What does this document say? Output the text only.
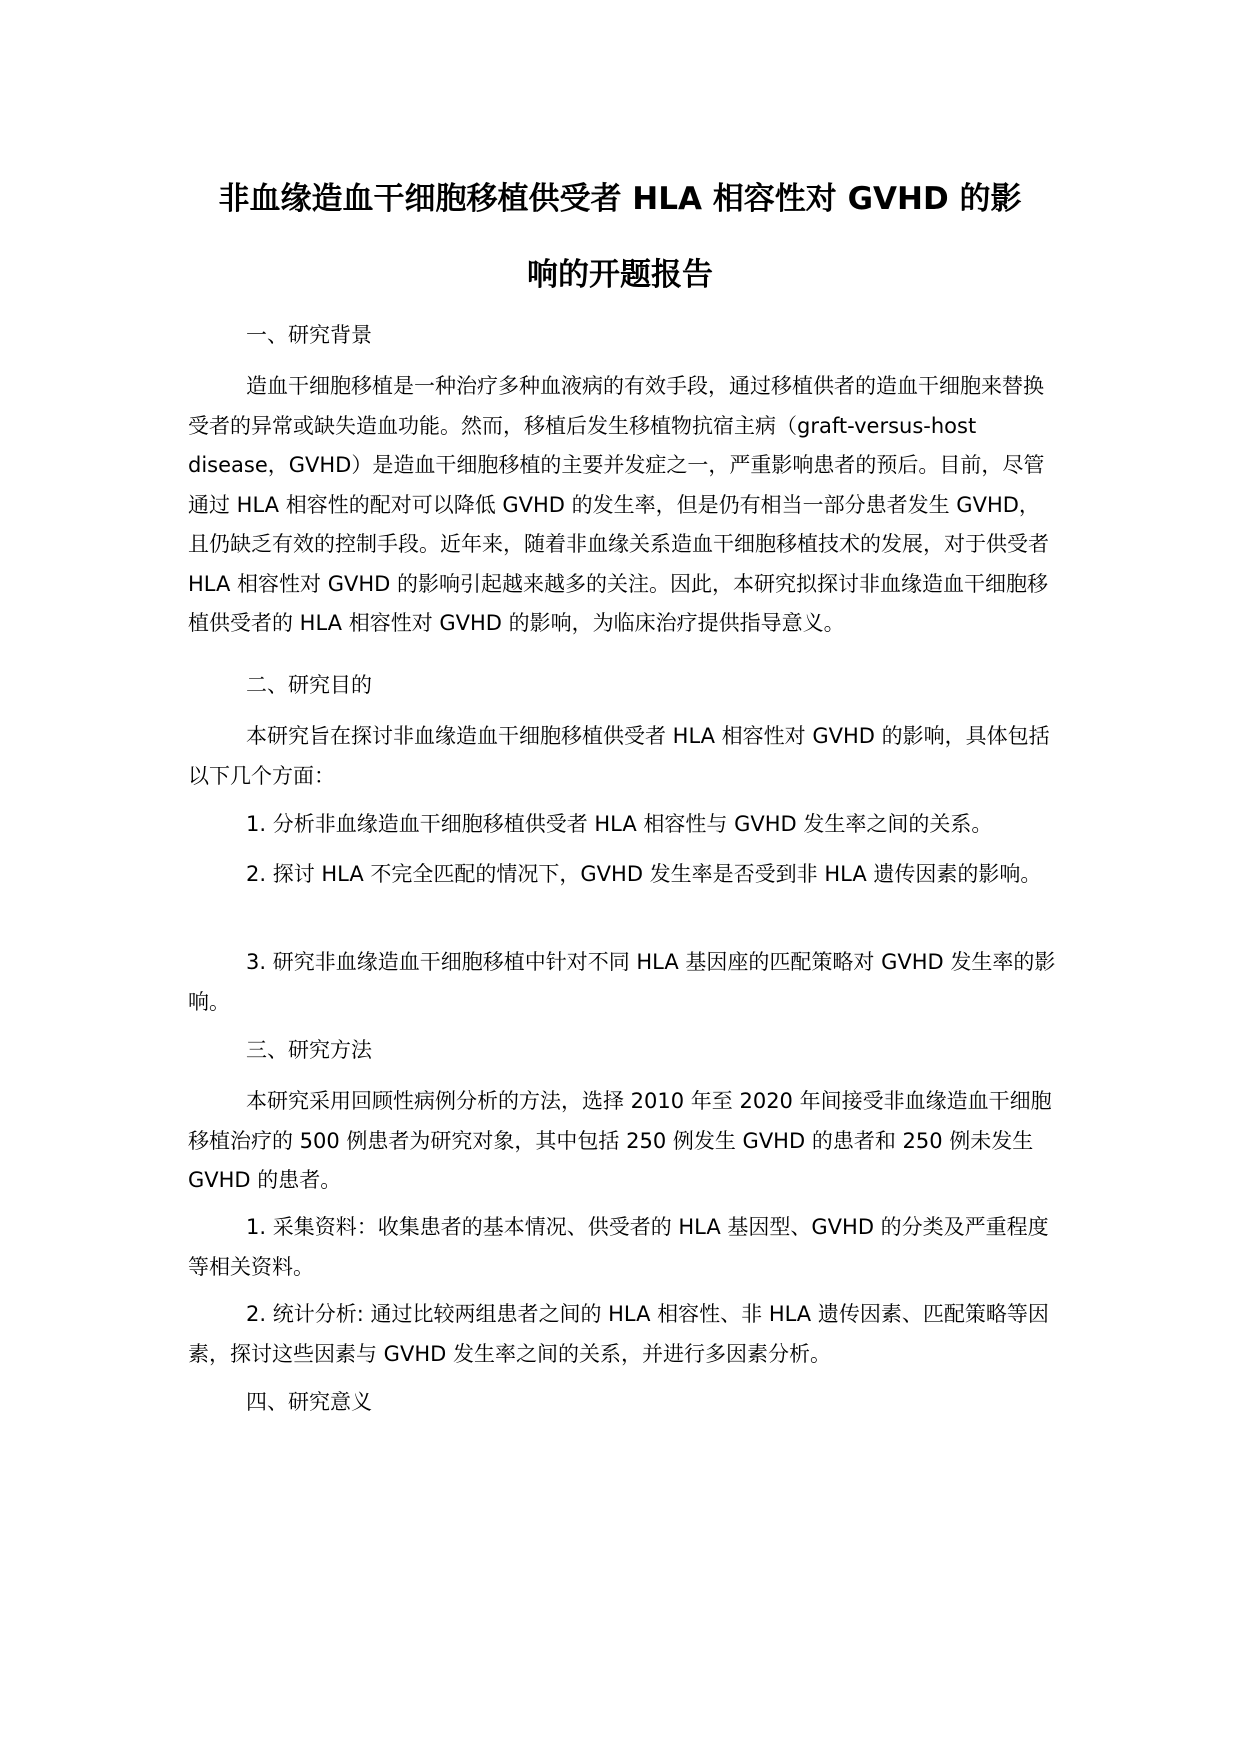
非血缘造血干细胞移植供受者 HLA 相容性对 GVHD 的影
响的开题报告

一、研究背景

造血干细胞移植是一种治疗多种血液病的有效手段，通过移植供者的造血干细胞来替换受者的异常或缺失造血功能。然而，移植后发生移植物抗宿主病（graft-versus-host disease，GVHD）是造血干细胞移植的主要并发症之一，严重影响患者的预后。目前，尽管通过 HLA 相容性的配对可以降低 GVHD 的发生率，但是仍有相当一部分患者发生 GVHD，且仍缺乏有效的控制手段。近年来，随着非血缘关系造血干细胞移植技术的发展，对于供受者 HLA 相容性对 GVHD 的影响引起越来越多的关注。因此，本研究拟探讨非血缘造血干细胞移植供受者的 HLA 相容性对 GVHD 的影响，为临床治疗提供指导意义。

二、研究目的

本研究旨在探讨非血缘造血干细胞移植供受者 HLA 相容性对 GVHD 的影响，具体包括以下几个方面：

1. 分析非血缘造血干细胞移植供受者 HLA 相容性与 GVHD 发生率之间的关系。

2. 探讨 HLA 不完全匹配的情况下，GVHD 发生率是否受到非 HLA 遗传因素的影响。

3. 研究非血缘造血干细胞移植中针对不同 HLA 基因座的匹配策略对 GVHD 发生率的影响。

三、研究方法

本研究采用回顾性病例分析的方法，选择 2010 年至 2020 年间接受非血缘造血干细胞移植治疗的 500 例患者为研究对象，其中包括 250 例发生 GVHD 的患者和 250 例未发生 GVHD 的患者。

1. 采集资料：收集患者的基本情况、供受者的 HLA 基因型、GVHD 的分类及严重程度等相关资料。

2. 统计分析: 通过比较两组患者之间的 HLA 相容性、非 HLA 遗传因素、匹配策略等因素，探讨这些因素与 GVHD 发生率之间的关系，并进行多因素分析。

四、研究意义
